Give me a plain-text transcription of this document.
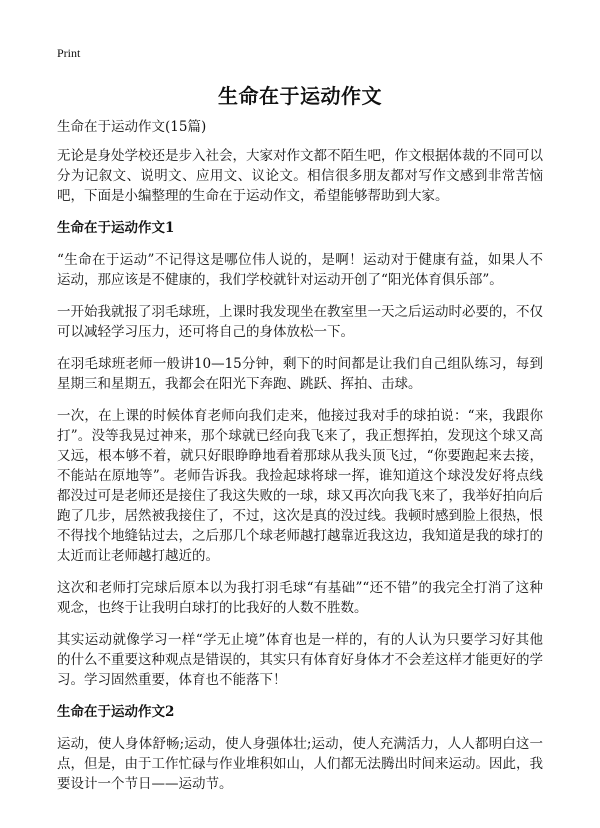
Print
生命在于运动作文
生命在于运动作文(15篇)

无论是身处学校还是步入社会，大家对作文都不陌生吧，作文根据体裁的不同可以分为记叙文、说明文、应用文、议论文。相信很多朋友都对写作文感到非常苦恼吧，下面是小编整理的生命在于运动作文，希望能够帮助到大家。

生命在于运动作文1

“生命在于运动”不记得这是哪位伟人说的，是啊！运动对于健康有益，如果人不运动，那应该是不健康的，我们学校就针对运动开创了“阳光体育俱乐部”。

一开始我就报了羽毛球班，上课时我发现坐在教室里一天之后运动时必要的，不仅可以减轻学习压力，还可将自己的身体放松一下。

在羽毛球班老师一般讲10—15分钟，剩下的时间都是让我们自己组队练习，每到星期三和星期五，我都会在阳光下奔跑、跳跃、挥拍、击球。

一次，在上课的时候体育老师向我们走来，他接过我对手的球拍说：“来，我跟你打”。没等我晃过神来，那个球就已经向我飞来了，我正想挥拍，发现这个球又高又远，根本够不着，就只好眼睁睁地看着那球从我头顶飞过，“你要跑起来去接，不能站在原地等”。老师告诉我。我捡起球将球一挥，谁知道这个球没发好将点线都没过可是老师还是接住了我这失败的一球，球又再次向我飞来了，我举好拍向后跑了几步，居然被我接住了，不过，这次是真的没过线。我顿时感到脸上很热，恨不得找个地缝钻过去，之后那几个球老师越打越靠近我这边，我知道是我的球打的太近而让老师越打越近的。

这次和老师打完球后原本以为我打羽毛球“有基础”“还不错”的我完全打消了这种观念，也终于让我明白球打的比我好的人数不胜数。

其实运动就像学习一样“学无止境”体育也是一样的，有的人认为只要学习好其他的什么不重要这种观点是错误的，其实只有体育好身体才不会差这样才能更好的学习。学习固然重要，体育也不能落下！

生命在于运动作文2

运动，使人身体舒畅;运动，使人身强体壮;运动，使人充满活力，人人都明白这一点，但是，由于工作忙碌与作业堆积如山，人们都无法腾出时间来运动。因此，我要设计一个节日——运动节。
